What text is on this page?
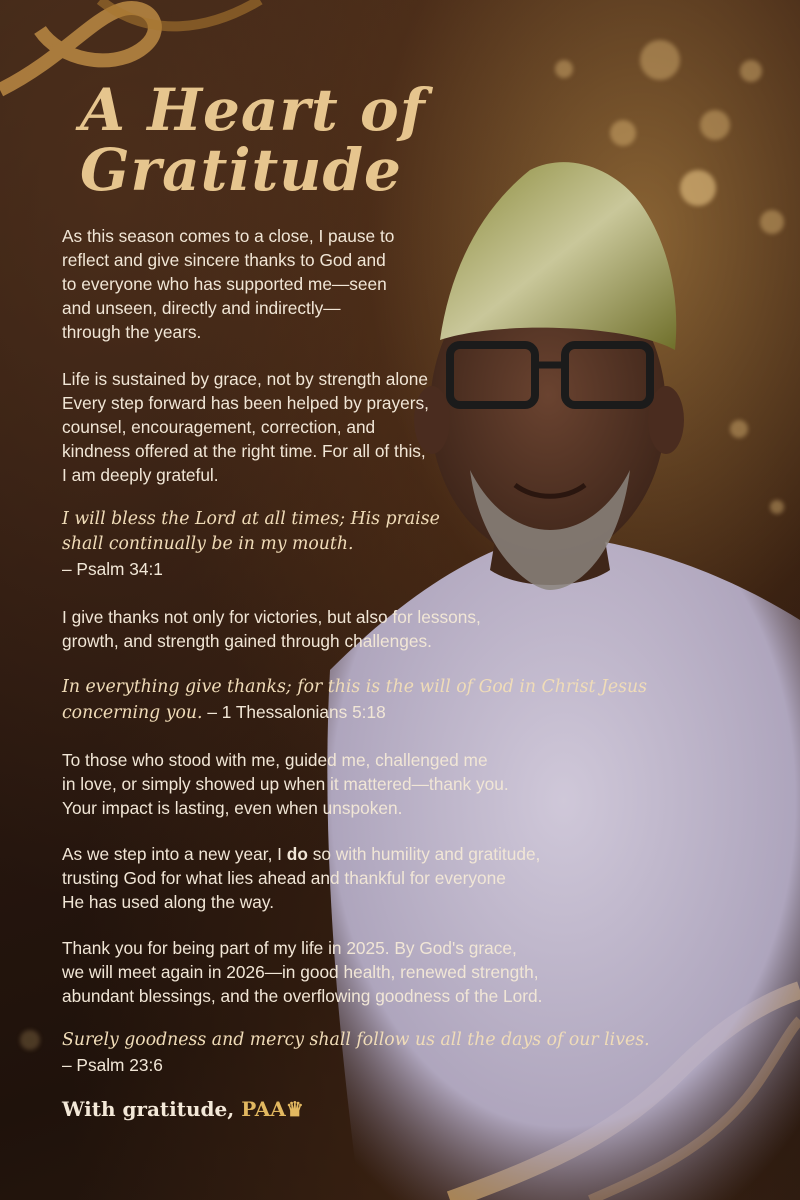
A Heart of
Gratitude

As this season comes to a close, I pause to
reflect and give sincere thanks to God and
to everyone who has supported me—seen
and unseen, directly and indirectly—
through the years.

Life is sustained by grace, not by strength alone
Every step forward has been helped by prayers,
counsel, encouragement, correction, and
kindness offered at the right time. For all of this,
I am deeply grateful.

I will bless the Lord at all times; His praise
shall continually be in my mouth.
– Psalm 34:1

I give thanks not only for victories, but also for lessons,
growth, and strength gained through challenges.

In everything give thanks; for this is the will of God in Christ Jesus
concerning you. – 1 Thessalonians 5:18

To those who stood with me, guided me, challenged me
in love, or simply showed up when it mattered—thank you.
Your impact is lasting, even when unspoken.

As we step into a new year, I do so with humility and gratitude,
trusting God for what lies ahead and thankful for everyone
He has used along the way.

Thank you for being part of my life in 2025. By God's grace,
we will meet again in 2026—in good health, renewed strength,
abundant blessings, and the overflowing goodness of the Lord.

Surely goodness and mercy shall follow us all the days of our lives.
– Psalm 23:6

With gratitude, PAA♛
